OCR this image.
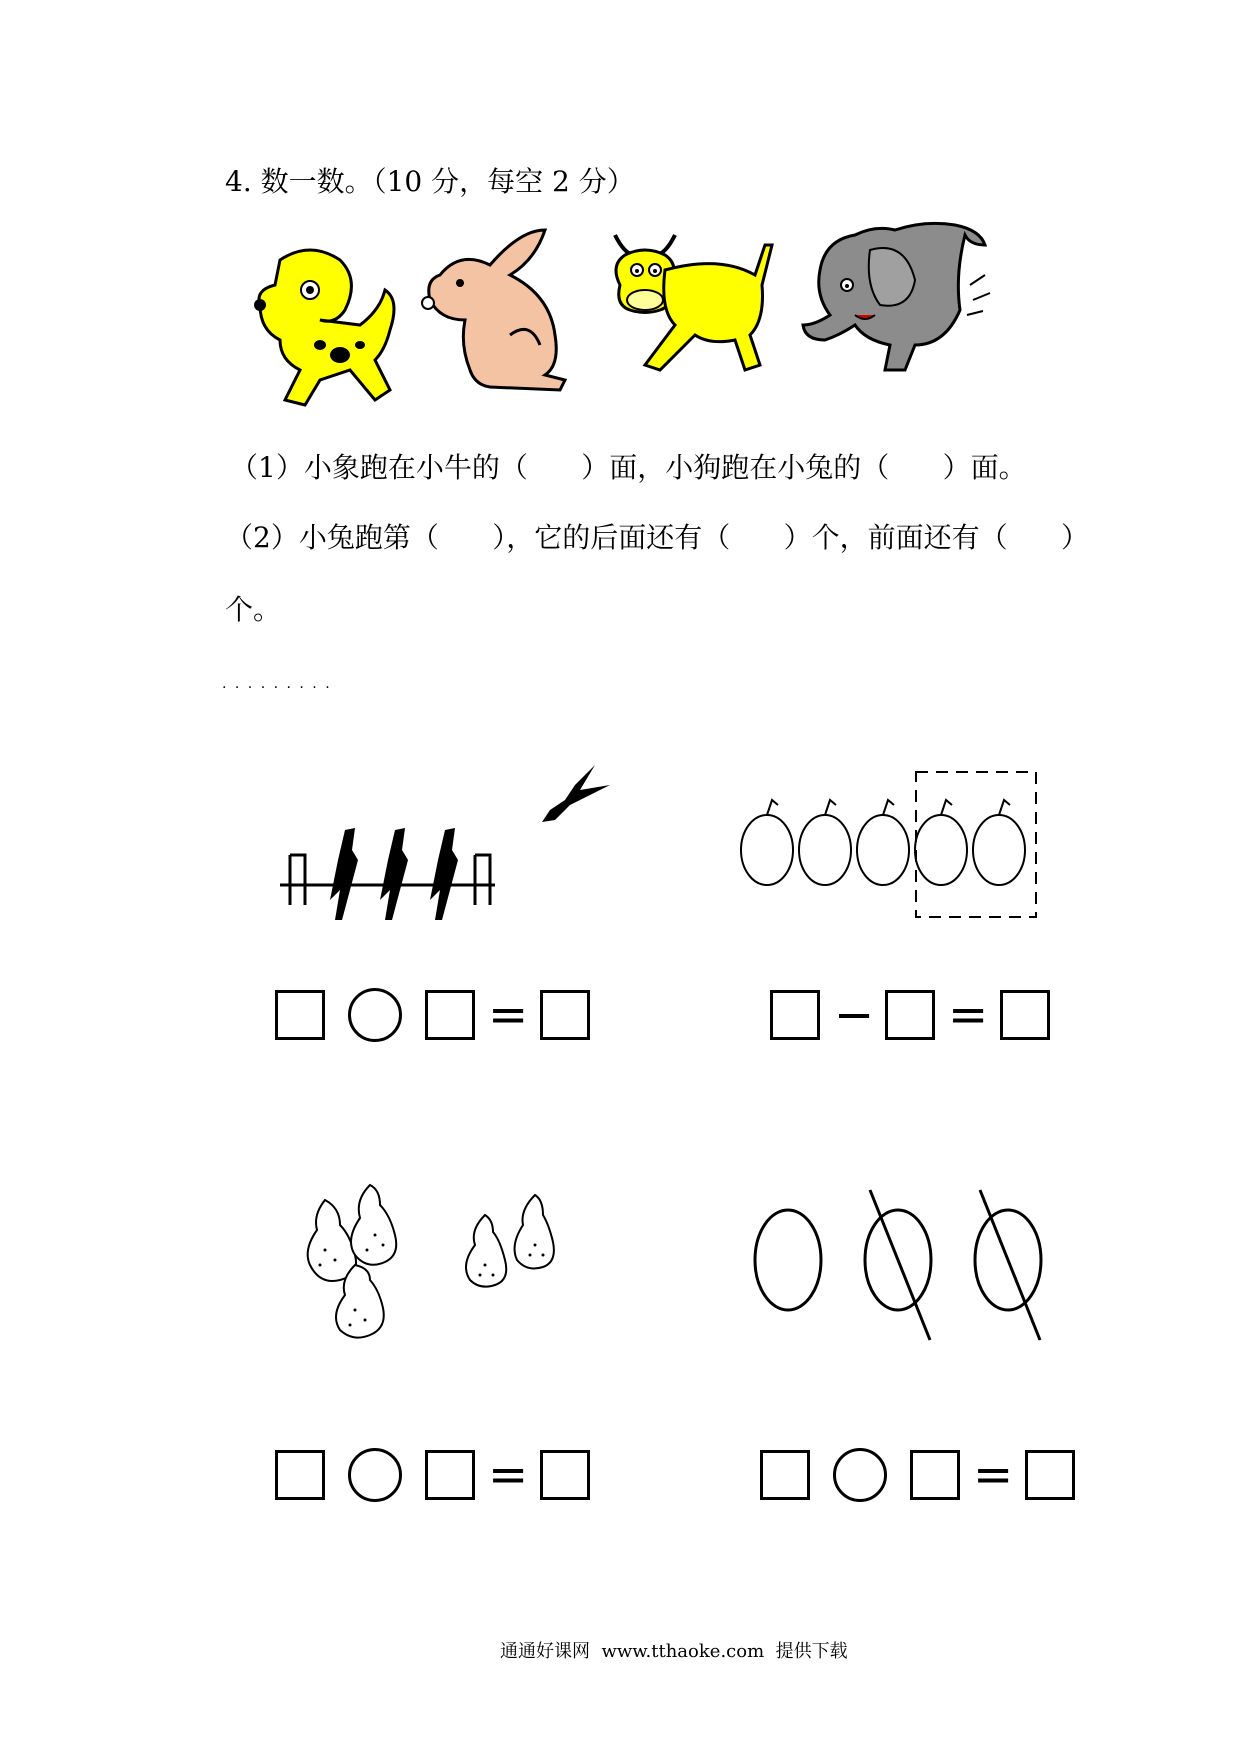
4. 数一数。（10 分，每空 2 分）
（1）小象跑在小牛的（      ）面，小狗跑在小兔的（      ）面。
（2）小兔跑第（      ），它的后面还有（      ）个，前面还有（      ）
个。
. . . . . . . . .
=	− =
=	=
通通好课网  www.tthaoke.com  提供下载
